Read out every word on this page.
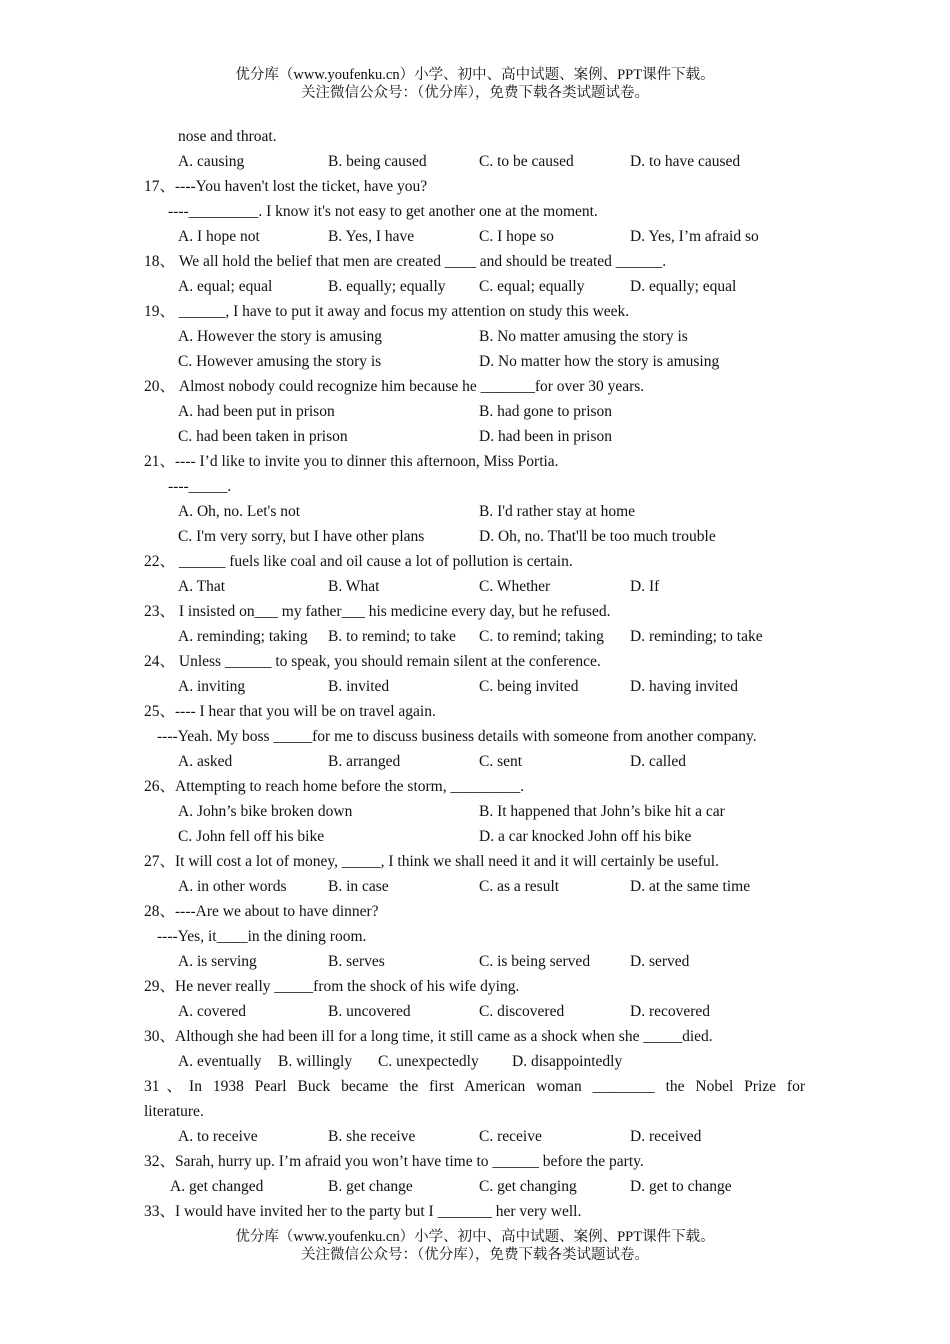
优分库（www.youfenku.cn）小学、初中、高中试题、案例、PPT课件下载。
关注微信公众号：（优分库），免费下载各类试题试卷。
nose and throat.
A. causing	B. being caused	C. to be caused	D. to have caused
17、----You haven't lost the ticket, have you?
----_________. I know it's not easy to get another one at the moment.
A. I hope not	B. Yes, I have	C. I hope so	D. Yes, I’m afraid so
18、 We all hold the belief that men are created ____ and should be treated ______.
A. equal; equal	B. equally; equally C. equal; equally	D. equally; equal
19、 ______, I have to put it away and focus my attention on study this week.
A. However the story is amusing	B. No matter amusing the story is
C. However amusing the story is	D. No matter how the story is amusing
20、 Almost nobody could recognize him because he _______for over 30 years.
A. had been put in prison	B. had gone to prison
C. had been taken in prison	D. had been in prison
21、---- I’d like to invite you to dinner this afternoon, Miss Portia.
----_____.
A. Oh, no. Let's not	B. I'd rather stay at home
C. I'm very sorry, but I have other plans	D. Oh, no. That'll be too much trouble
22、 ______ fuels like coal and oil cause a lot of pollution is certain.
A. That	B. What	C. Whether	D. If
23、 I insisted on___ my father___ his medicine every day, but he refused.
A. reminding; taking B. to remind; to take C. to remind; taking D. reminding; to take
24、 Unless ______ to speak, you should remain silent at the conference.
A. inviting	B. invited	C. being invited	D. having invited
25、---- I hear that you will be on travel again.
----Yeah. My boss _____for me to discuss business details with someone from another company.
A. asked	B. arranged	C. sent	D. called
26、Attempting to reach home before the storm, _________.
A. John’s bike broken down	B. It happened that John’s bike hit a car
C. John fell off his bike	D. a car knocked John off his bike
27、It will cost a lot of money, _____, I think we shall need it and it will certainly be useful.
A. in other words	B. in case	C. as a result	D. at the same time
28、----Are we about to have dinner?
----Yes, it____in the dining room.
A. is serving	B. serves	C. is being served	D. served
29、He never really _____from the shock of his wife dying.
A. covered	B. uncovered	C. discovered	D. recovered
30、Although she had been ill for a long time, it still came as a shock when she _____died.
A. eventually B. willingly C. unexpectedly D. disappointedly
31、In 1938 Pearl Buck became the first American woman ________ the Nobel Prize for
literature.
A. to receive	B. she receive	C. receive	D. received
32、Sarah, hurry up. I’m afraid you won’t have time to ______ before the party.
A. get changed	B. get change	C. get changing	D. get to change
33、I would have invited her to the party but I _______ her very well.
优分库（www.youfenku.cn）小学、初中、高中试题、案例、PPT课件下载。
关注微信公众号：（优分库），免费下载各类试题试卷。
